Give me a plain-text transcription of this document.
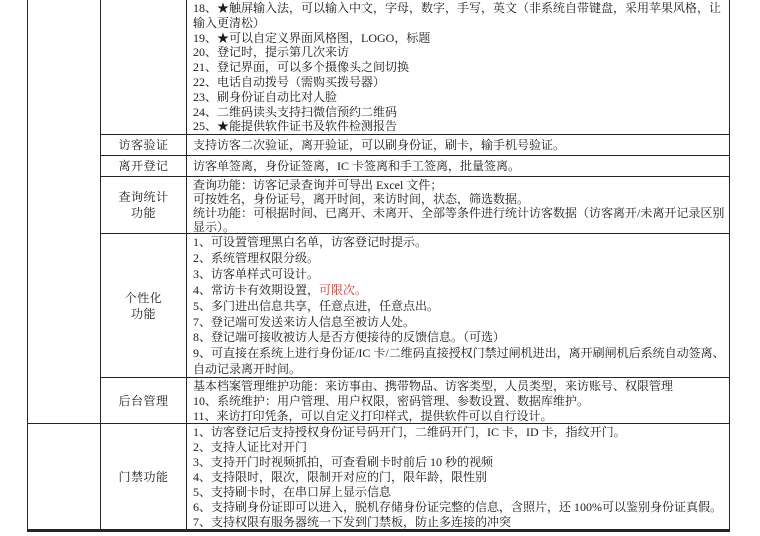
18、★触屏输入法，可以输入中文，字母，数字，手写，英文（非系统自带键盘，采用苹果风格，让
输入更清松）
19、★可以自定义界面风格图，LOGO，标题
20、登记时，提示第几次来访
21、登记界面，可以多个摄像头之间切换
22、电话自动拨号（需购买拨号器）
23、刷身份证自动比对人脸
24、二维码读头支持扫微信预约二维码
25、★能提供软件证书及软件检测报告
访客验证 支持访客二次验证，离开验证，可以刷身份证，刷卡，输手机号验证。
离开登记 访客单签离，身份证签离，IC 卡签离和手工签离，批量签离。
查询统计
功能
查询功能：访客记录查询并可导出 Excel 文件；
可按姓名，身份证号，离开时间，来访时间，状态，筛选数据。
统计功能：可根据时间、已离开、未离开、全部等条件进行统计访客数据（访客离开/未离开记录区别
显示）。
个性化
功能
1、可设置管理黑白名单，访客登记时提示。
2、系统管理权限分级。
3、访客单样式可设计。
4、常访卡有效期设置，可限次。
5、多门进出信息共享，任意点进，任意点出。
7、登记端可发送来访人信息至被访人处。
8、登记端可接收被访人是否方便接待的反馈信息。（可选）
9、可直接在系统上进行身份证/IC 卡/二维码直接授权门禁过闸机进出，离开刷闸机后系统自动签离、
自动记录离开时间。
后台管理
基本档案管理维护功能：来访事由、携带物品、访客类型，人员类型，来访账号、权限管理
10、系统维护：用户管理、用户权限，密码管理、参数设置、数据库维护。
11、来访打印凭条，可以自定义打印样式，提供软件可以自行设计。
门禁功能
1、访客登记后支持授权身份证号码开门，二维码开门，IC 卡，ID 卡，指纹开门。
2、支持人证比对开门
3、支持开门时视频抓拍，可查看刷卡时前后 10 秒的视频
4、支持限时，限次，限制开对应的门，限年龄，限性别
5、支持刷卡时，在串口屏上显示信息
6、支持刷身份证即可以进入，脱机存储身份证完整的信息，含照片，还 100%可以鉴别身份证真假。
7、支持权限有服务器统一下发到门禁板，防止多连接的冲突
